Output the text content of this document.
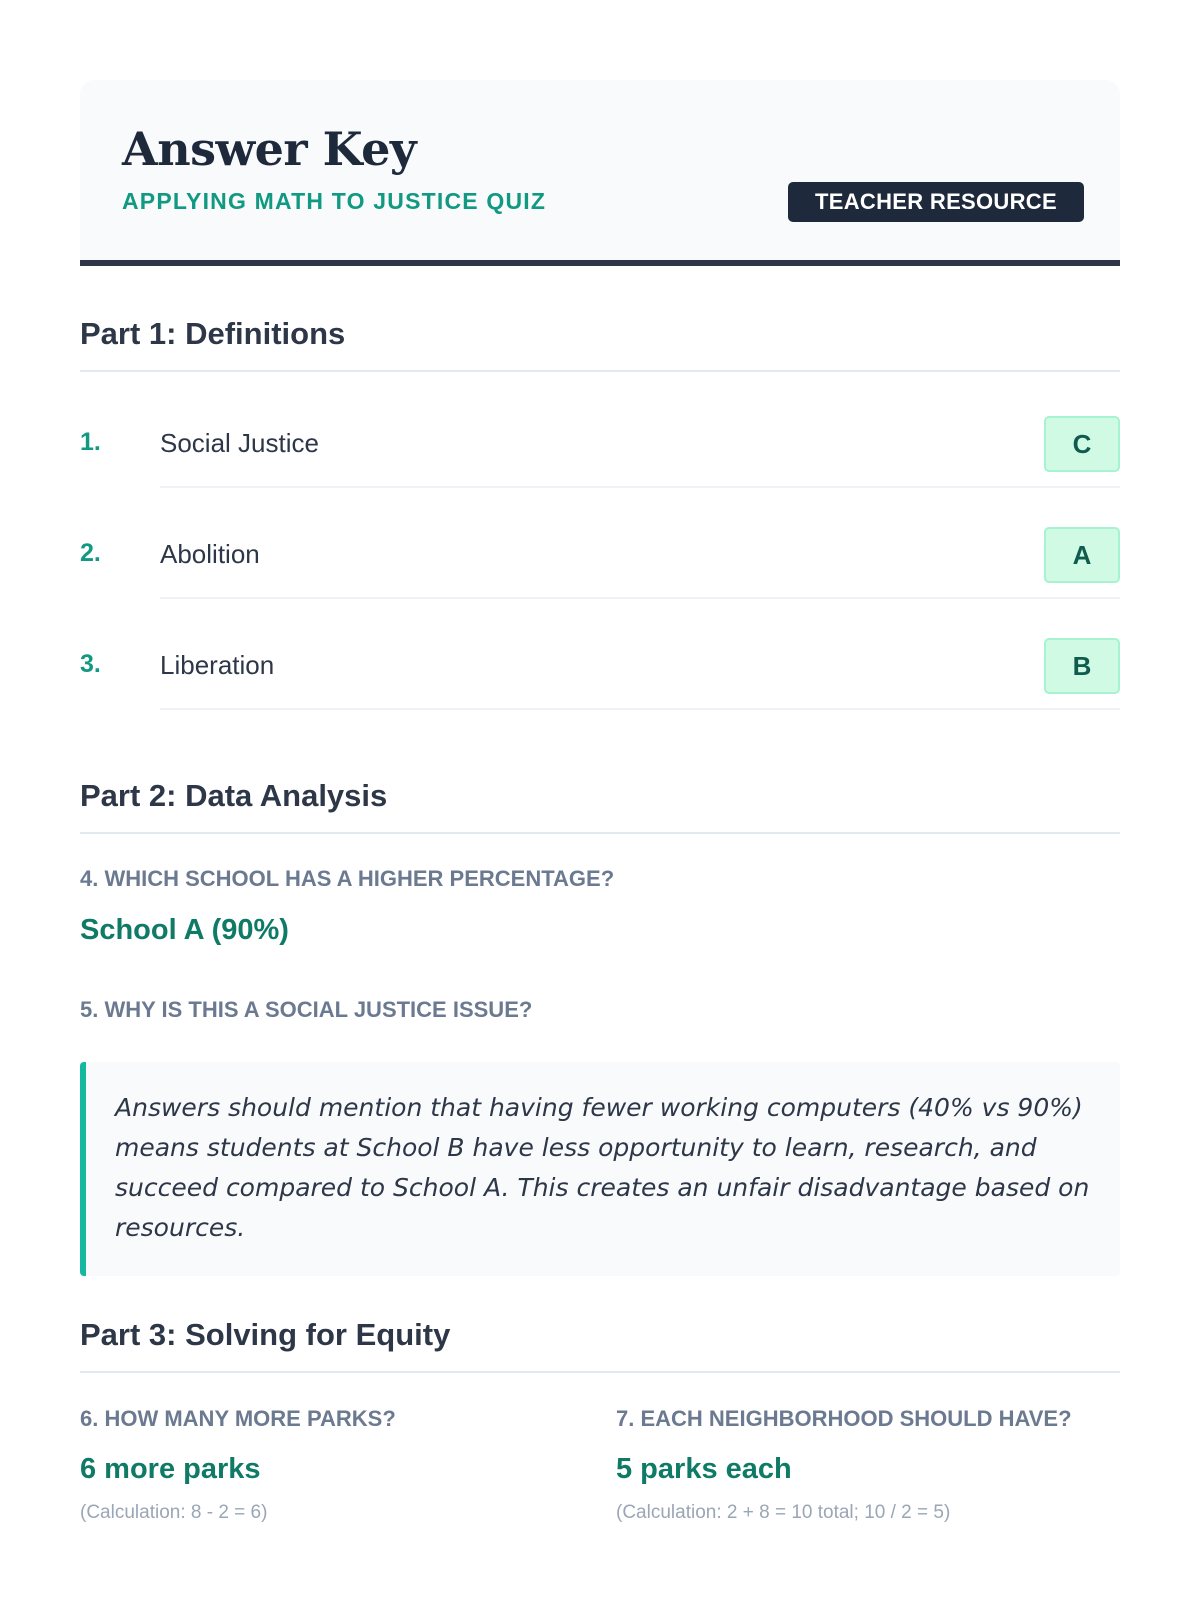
Answer Key
APPLYING MATH TO JUSTICE QUIZ	TEACHER RESOURCE
Part 1: Definitions
1. Social Justice	C
2. Abolition	A
3. Liberation	B
Part 2: Data Analysis
4. WHICH SCHOOL HAS A HIGHER PERCENTAGE?
School A (90%)
5. WHY IS THIS A SOCIAL JUSTICE ISSUE?
Answers should mention that having fewer working computers (40% vs 90%) means students at School B have less opportunity to learn, research, and succeed compared to School A. This creates an unfair disadvantage based on resources.
Part 3: Solving for Equity
6. HOW MANY MORE PARKS?
6 more parks
(Calculation: 8 - 2 = 6)
7. EACH NEIGHBORHOOD SHOULD HAVE?
5 parks each
(Calculation: 2 + 8 = 10 total; 10 / 2 = 5)
